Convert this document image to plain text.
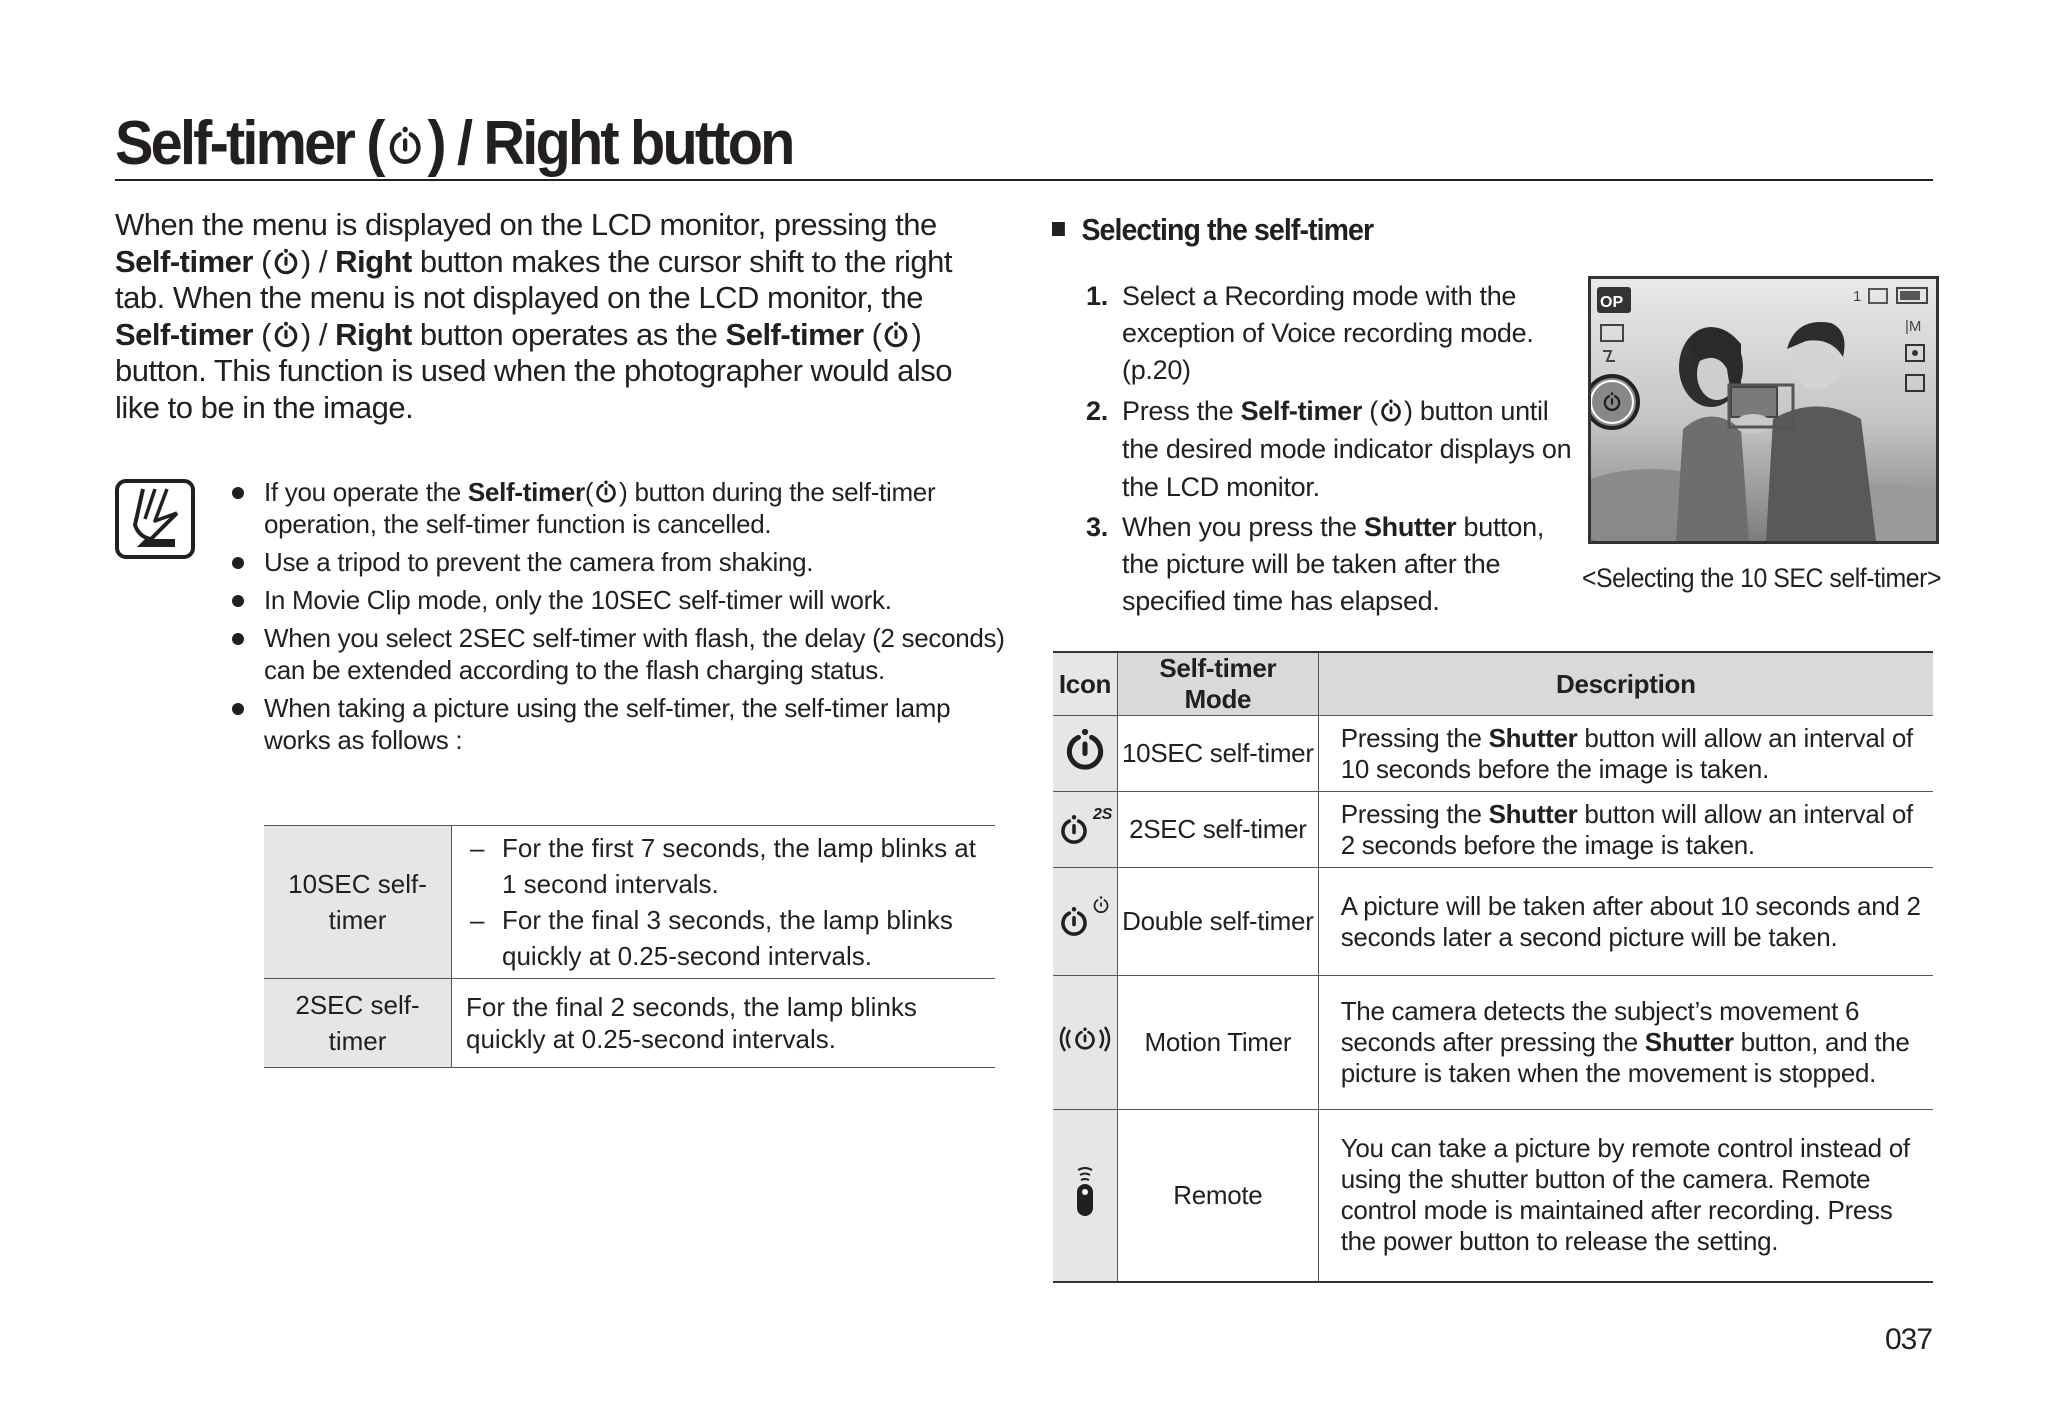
Self-timer ( ) / Right button
When the menu is displayed on the LCD monitor, pressing the Self-timer ( ) / Right button makes the cursor shift to the right tab. When the menu is not displayed on the LCD monitor, the Self-timer ( ) / Right button operates as the Self-timer ( ) button. This function is used when the photographer would also like to be in the image.
If you operate the Self-timer( ) button during the self-timer operation, the self-timer function is cancelled.
Use a tripod to prevent the camera from shaking.
In Movie Clip mode, only the 10SEC self-timer will work.
When you select 2SEC self-timer with flash, the delay (2 seconds) can be extended according to the flash charging status.
When taking a picture using the self-timer, the self-timer lamp works as follows :
10SEC self-timer	– For the first 7 seconds, the lamp blinks at 1 second intervals.
– For the final 3 seconds, the lamp blinks quickly at 0.25-second intervals.

2SEC self-timer	For the final 2 seconds, the lamp blinks quickly at 0.25-second intervals.
Selecting the self-timer
1. Select a Recording mode with the exception of Voice recording mode. (p.20)
2. Press the Self-timer ( ) button until the desired mode indicator displays on the LCD monitor.
3. When you press the Shutter button, the picture will be taken after the specified time has elapsed.
OP	1
|M
<Selecting the 10 SEC self-timer>
Icon	Self-timer Mode	Description
	10SEC self-timer	Pressing the Shutter button will allow an interval of 10 seconds before the image is taken.

2S	2SEC self-timer	Pressing the Shutter button will allow an interval of 2 seconds before the image is taken.
	Double self-timer	A picture will be taken after about 10 seconds and 2 seconds later a second picture will be taken.
	Motion Timer	The camera detects the subject’s movement 6 seconds after pressing the Shutter button, and the picture is taken when the movement is stopped.
	Remote	You can take a picture by remote control instead of using the shutter button of the camera. Remote control mode is maintained after recording. Press the power button to release the setting.
037
